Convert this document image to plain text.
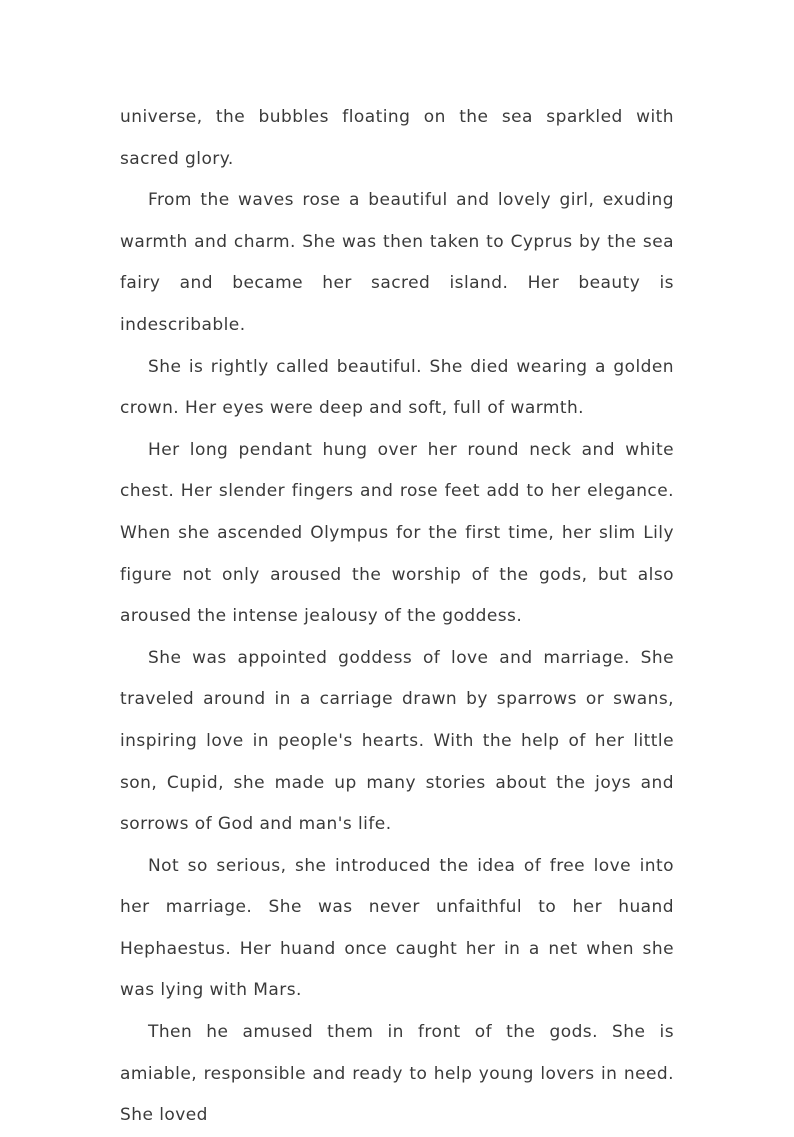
universe, the bubbles floating on the sea sparkled with sacred glory.

From the waves rose a beautiful and lovely girl, exuding warmth and charm. She was then taken to Cyprus by the sea fairy and became her sacred island. Her beauty is indescribable.

She is rightly called beautiful. She died wearing a golden crown. Her eyes were deep and soft, full of warmth.

Her long pendant hung over her round neck and white chest. Her slender fingers and rose feet add to her elegance. When she ascended Olympus for the first time, her slim Lily figure not only aroused the worship of the gods, but also aroused the intense jealousy of the goddess.

She was appointed goddess of love and marriage. She traveled around in a carriage drawn by sparrows or swans, inspiring love in people's hearts. With the help of her little son, Cupid, she made up many stories about the joys and sorrows of God and man's life.

Not so serious, she introduced the idea of free love into her marriage. She was never unfaithful to her huand Hephaestus. Her huand once caught her in a net when she was lying with Mars.

Then he amused them in front of the gods. She is amiable, responsible and ready to help young lovers in need. She loved
